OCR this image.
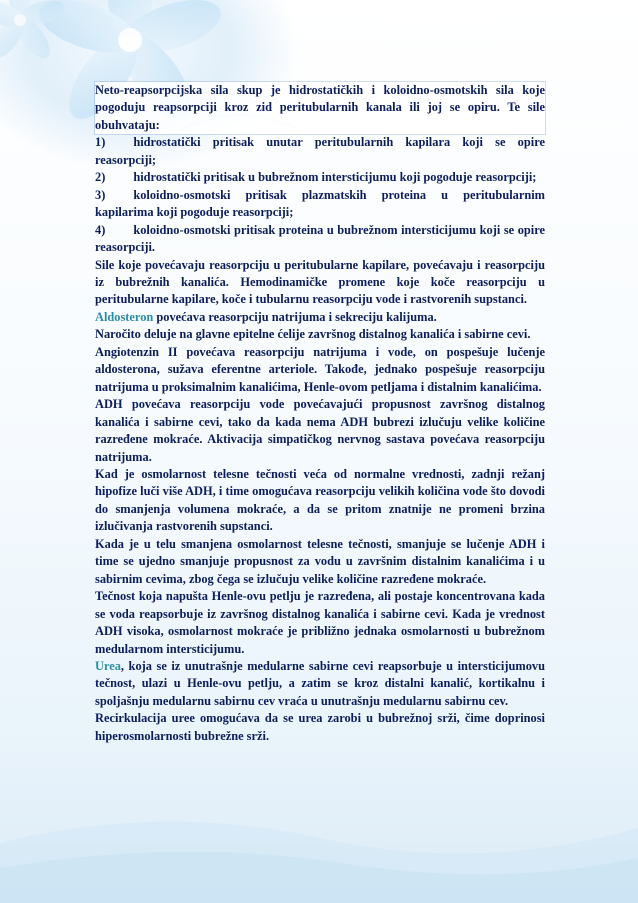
Neto-reapsorpcijska sila skup je hidrostatičkih i koloidno-osmotskih sila koje pogoduju reapsorpciji kroz zid peritubularnih kanala ili joj se opiru. Te sile obuhvataju:

1) hidrostatički pritisak unutar peritubularnih kapilara koji se opire reasorpciji;

2) hidrostatički pritisak u bubrežnom intersticijumu koji pogoduje reasorpciji;

3) koloidno-osmotski pritisak plazmatskih proteina u peritubularnim kapilarima koji pogoduje reasorpciji;

4) koloidno-osmotski pritisak proteina u bubrežnom intersticijumu koji se opire reasorpciji.

Sile koje povećavaju reasorpciju u peritubularne kapilare, povećavaju i reasorpciju iz bubrežnih kanalića. Hemodinamičke promene koje koče reasorpciju u peritubularne kapilare, koče i tubularnu reasorpciju vode i rastvorenih supstanci.

Aldosteron povećava reasorpciju natrijuma i sekreciju kalijuma.

Naročito deluje na glavne epitelne ćelije završnog distalnog kanalića i sabirne cevi.

Angiotenzin II povećava reasorpciju natrijuma i vode, on pospešuje lučenje aldosterona, sužava eferentne arteriole. Takođe, jednako pospešuje reasorpciju natrijuma u proksimalnim kanalićima, Henle-ovom petljama i distalnim kanalićima.

ADH povećava reasorpciju vode povećavajući propusnost završnog distalnog kanalića i sabirne cevi, tako da kada nema ADH bubrezi izlučuju velike količine razređene mokraće. Aktivacija simpatičkog nervnog sastava povećava reasorpciju natrijuma.

Kad je osmolarnost telesne tečnosti veća od normalne vrednosti, zadnji režanj hipofize luči više ADH, i time omogućava reasorpciju velikih količina vode što dovodi do smanjenja volumena mokraće, a da se pritom znatnije ne promeni brzina izlučivanja rastvorenih supstanci.

Kada je u telu smanjena osmolarnost telesne tečnosti, smanjuje se lučenje ADH i time se ujedno smanjuje propusnost za vodu u završnim distalnim kanalićima i u sabirnim cevima, zbog čega se izlučuju velike količine razređene mokraće.

Tečnost koja napušta Henle-ovu petlju je razređena, ali postaje koncentrovana kada se voda reapsorbuje iz završnog distalnog kanalića i sabirne cevi. Kada je vrednost ADH visoka, osmolarnost mokraće je približno jednaka osmolarnosti u bubrežnom medularnom intersticijumu.

Urea, koja se iz unutrašnje medularne sabirne cevi reapsorbuje u intersticijumovu tečnost, ulazi u Henle-ovu petlju, a zatim se kroz distalni kanalić, kortikalnu i spoljašnju medularnu sabirnu cev vraća u unutrašnju medularnu sabirnu cev.

Recirkulacija uree omogućava da se urea zarobi u bubrežnoj srži, čime doprinosi hiperosmolarnosti bubrežne srži.
